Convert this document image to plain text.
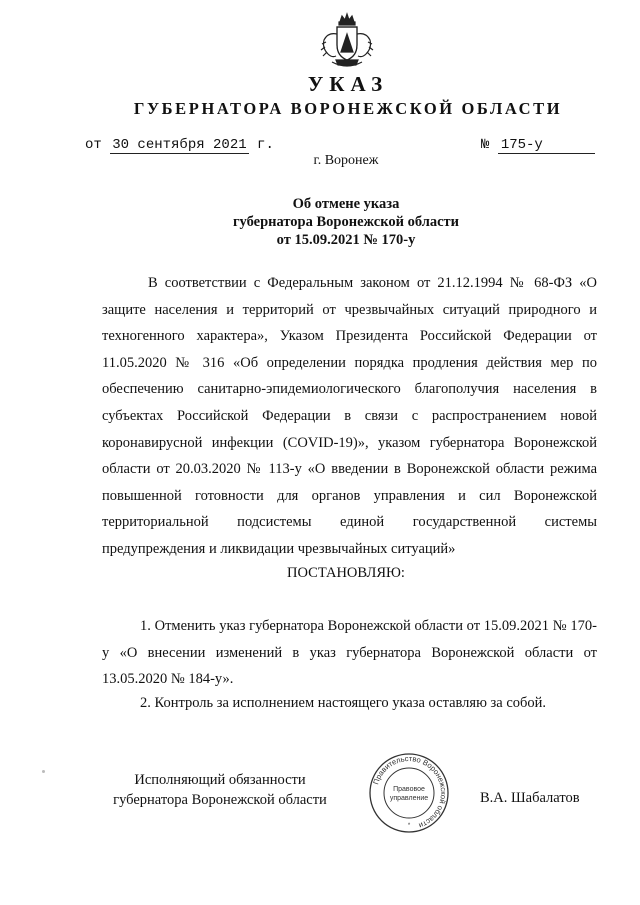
УКАЗ
ГУБЕРНАТОРА ВОРОНЕЖСКОЙ ОБЛАСТИ
от 30 сентября 2021 г.	№ 175-у
г. Воронеж
Об отмене указа
губернатора Воронежской области
от 15.09.2021 № 170-у
В соответствии с Федеральным законом от 21.12.1994 № 68-ФЗ «О защите населения и территорий от чрезвычайных ситуаций природного и техногенного характера», Указом Президента Российской Федерации от 11.05.2020 № 316 «Об определении порядка продления действия мер по обеспечению санитарно-эпидемиологического благополучия населения в субъектах Российской Федерации в связи с распространением новой коронавирусной инфекции (COVID-19)», указом губернатора Воронежской области от 20.03.2020 № 113-у «О введении в Воронежской области режима повышенной готовности для органов управления и сил Воронежской территориальной подсистемы единой государственной системы предупреждения и ликвидации чрезвычайных ситуаций»
ПОСТАНОВЛЯЮ:
1. Отменить указ губернатора Воронежской области от 15.09.2021 № 170-у «О внесении изменений в указ губернатора Воронежской области от 13.05.2020 № 184-у».
2. Контроль за исполнением настоящего указа оставляю за собой.
Исполняющий обязанности
губернатора Воронежской области
Правительство Воронежской области
Правовое
управление
*
В.А. Шабалатов
